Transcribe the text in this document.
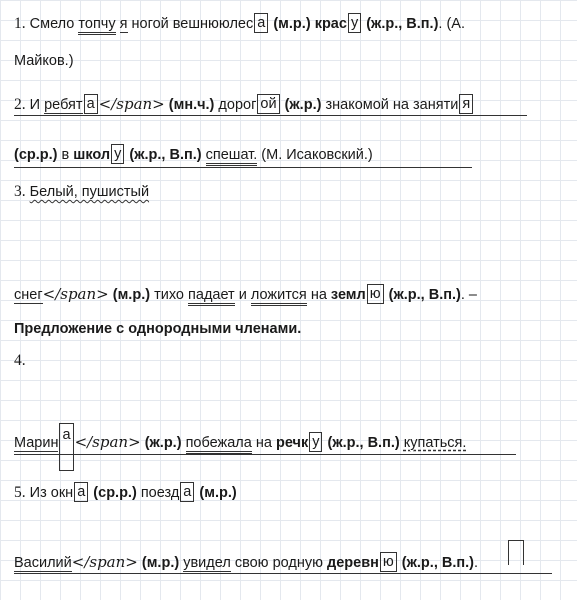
1. Смело топчу я ногой вешнююлес а (м.р.) крас у (ж.р., В.п.). (А.
Майков.)
2. И ребят а </span> (мн.ч.) дорог ой (ж.р.) знакомой на заняти я
(ср.р.) в школ у (ж.р., В.п.) спешат. (М. Исаковский.)
3. Белый, пушистый
снег</span> (м.р.) тихо падает и ложится на земл ю (ж.р., В.п.). –
Предложение с однородными членами.
4.
Марин а </span> (ж.р.) побежала на речк у (ж.р., В.п.) купаться.
5. Из окн а (ср.р.) поезд а (м.р.)
Василий</span> (м.р.) увидел свою родную деревн ю (ж.р., В.п.).
